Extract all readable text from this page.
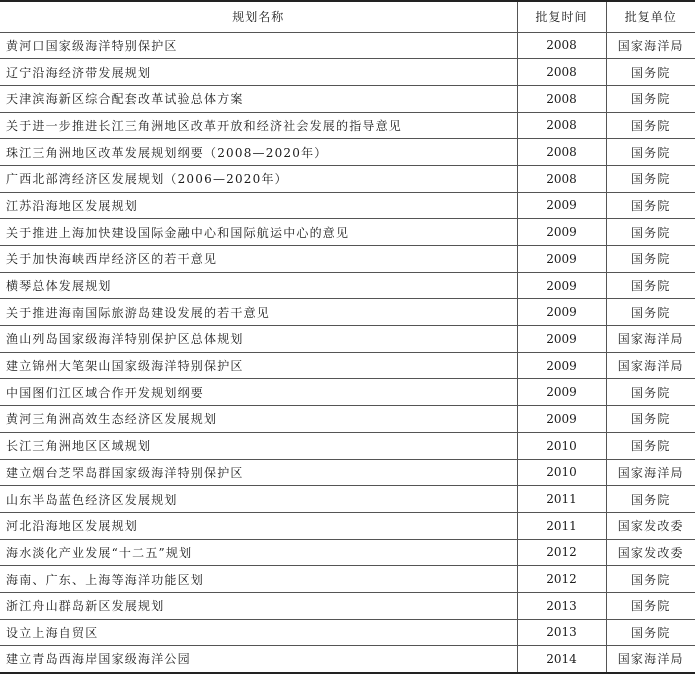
规划名称	批复时间	批复单位
黄河口国家级海洋特别保护区	2008	国家海洋局
辽宁沿海经济带发展规划	2008	国务院
天津滨海新区综合配套改革试验总体方案	2008	国务院
关于进一步推进长江三角洲地区改革开放和经济社会发展的指导意见	2008	国务院
珠江三角洲地区改革发展规划纲要（2008—2020年）	2008	国务院
广西北部湾经济区发展规划（2006—2020年）	2008	国务院
江苏沿海地区发展规划	2009	国务院
关于推进上海加快建设国际金融中心和国际航运中心的意见	2009	国务院
关于加快海峡西岸经济区的若干意见	2009	国务院
横琴总体发展规划	2009	国务院
关于推进海南国际旅游岛建设发展的若干意见	2009	国务院
渔山列岛国家级海洋特别保护区总体规划	2009	国家海洋局
建立锦州大笔架山国家级海洋特别保护区	2009	国家海洋局
中国图们江区域合作开发规划纲要	2009	国务院
黄河三角洲高效生态经济区发展规划	2009	国务院
长江三角洲地区区域规划	2010	国务院
建立烟台芝罘岛群国家级海洋特别保护区	2010	国家海洋局
山东半岛蓝色经济区发展规划	2011	国务院
河北沿海地区发展规划	2011	国家发改委
海水淡化产业发展“十二五”规划	2012	国家发改委
海南、广东、上海等海洋功能区划	2012	国务院
浙江舟山群岛新区发展规划	2013	国务院
设立上海自贸区	2013	国务院
建立青岛西海岸国家级海洋公园	2014	国家海洋局
